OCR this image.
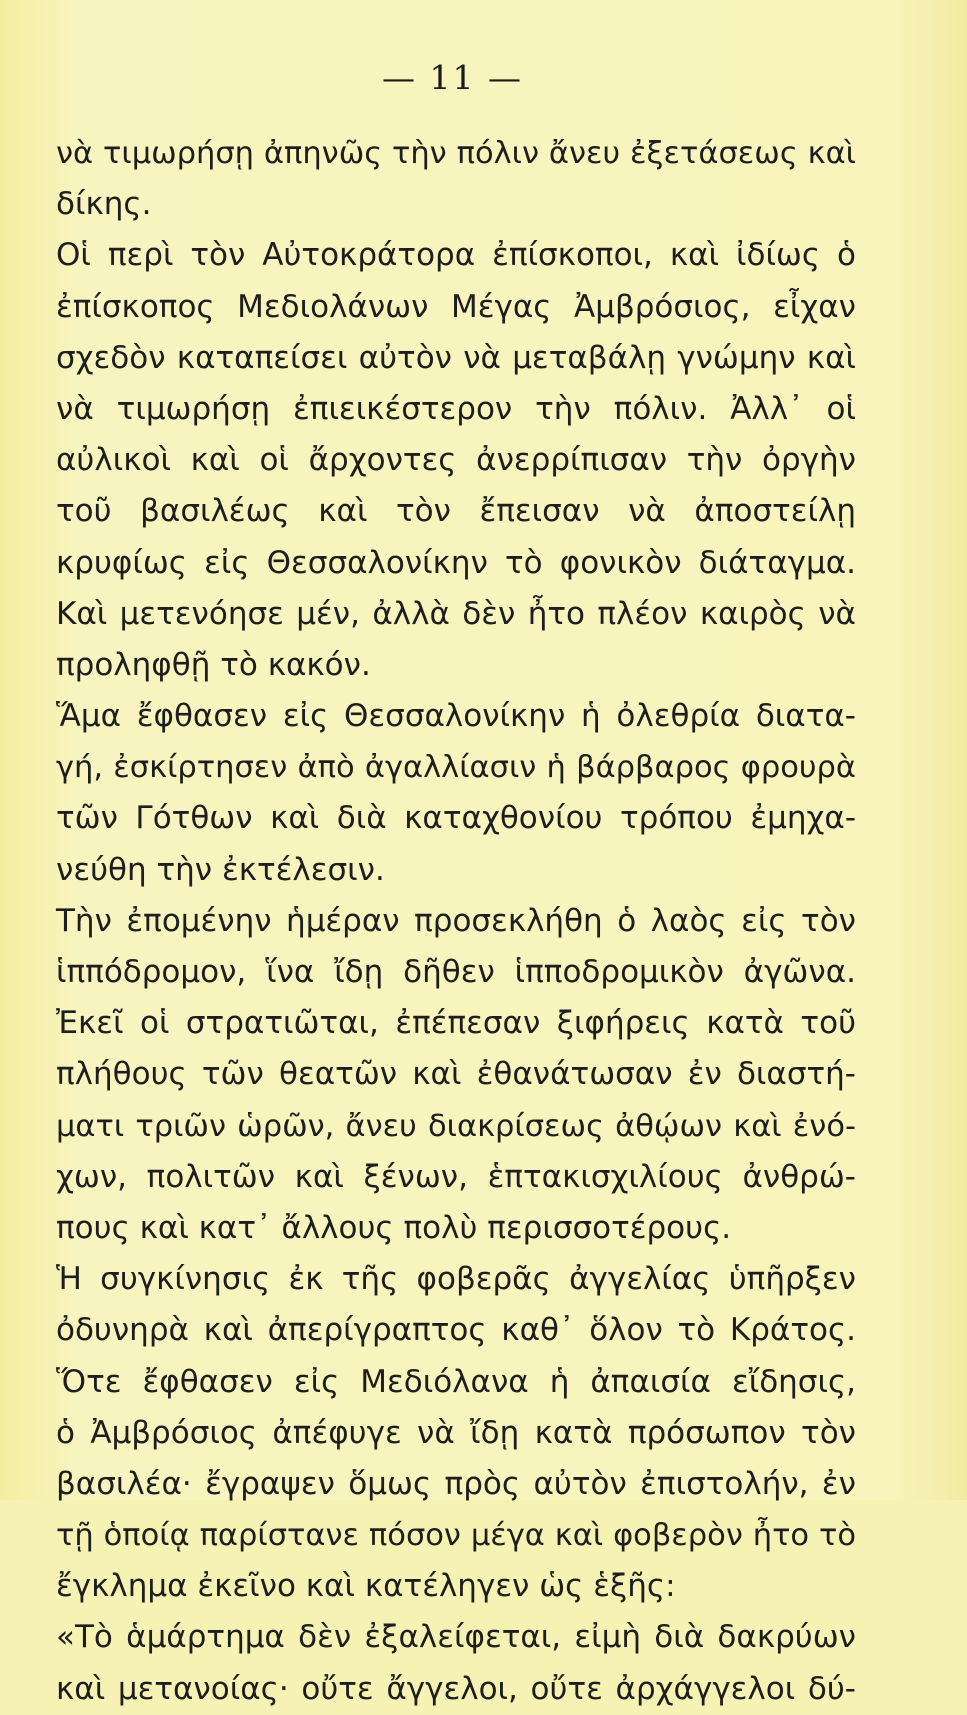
— 11 —
νὰ τιμωρήσῃ ἀπηνῶς τὴν πόλιν ἄνευ ἐξετάσεως καὶ
δίκης.
Οἱ περὶ τὸν Αὐτοκράτορα ἐπίσκοποι, καὶ ἰδίως ὁ
ἐπίσκοπος Μεδιολάνων Μέγας Ἀμβρόσιος, εἶχαν
σχεδὸν καταπείσει αὐτὸν νὰ μεταβάλῃ γνώμην καὶ
νὰ τιμωρήσῃ ἐπιεικέστερον τὴν πόλιν. Ἀλλ᾽ οἱ
αὐλικοὶ καὶ οἱ ἄρχοντες ἀνερρίπισαν τὴν ὀργὴν
τοῦ βασιλέως καὶ τὸν ἔπεισαν νὰ ἀποστείλῃ
κρυφίως εἰς Θεσσαλονίκην τὸ φονικὸν διάταγμα.
Καὶ μετενόησε μέν, ἀλλὰ δὲν ἦτο πλέον καιρὸς νὰ
προληφθῇ τὸ κακόν.
Ἅμα ἔφθασεν εἰς Θεσσαλονίκην ἡ ὀλεθρία διατα-
γή, ἐσκίρτησεν ἀπὸ ἀγαλλίασιν ἡ βάρβαρος φρουρὰ
τῶν Γότθων καὶ διὰ καταχθονίου τρόπου ἐμηχα-
νεύθη τὴν ἐκτέλεσιν.
Τὴν ἐπομένην ἡμέραν προσεκλήθη ὁ λαὸς εἰς τὸν
ἱππόδρομον, ἵνα ἴδῃ δῆθεν ἱπποδρομικὸν ἀγῶνα.
Ἐκεῖ οἱ στρατιῶται, ἐπέπεσαν ξιφήρεις κατὰ τοῦ
πλήθους τῶν θεατῶν καὶ ἐθανάτωσαν ἐν διαστή-
ματι τριῶν ὡρῶν, ἄνευ διακρίσεως ἀθῴων καὶ ἐνό-
χων, πολιτῶν καὶ ξένων, ἑπτακισχιλίους ἀνθρώ-
πους καὶ κατ᾽ ἄλλους πολὺ περισσοτέρους.
Ἡ συγκίνησις ἐκ τῆς φοβερᾶς ἀγγελίας ὑπῆρξεν
ὀδυνηρὰ καὶ ἀπερίγραπτος καθ᾽ ὅλον τὸ Κράτος.
Ὅτε ἔφθασεν εἰς Μεδιόλανα ἡ ἀπαισία εἴδησις,
ὁ Ἀμβρόσιος ἀπέφυγε νὰ ἴδῃ κατὰ πρόσωπον τὸν
βασιλέα· ἔγραψεν ὅμως πρὸς αὐτὸν ἐπιστολήν, ἐν
τῇ ὁποίᾳ παρίστανε πόσον μέγα καὶ φοβερὸν ἦτο τὸ
ἔγκλημα ἐκεῖνο καὶ κατέληγεν ὡς ἑξῆς:
«Τὸ ἁμάρτημα δὲν ἐξαλείφεται, εἰμὴ διὰ δακρύων
καὶ μετανοίας· οὔτε ἄγγελοι, οὔτε ἀρχάγγελοι δύ-
